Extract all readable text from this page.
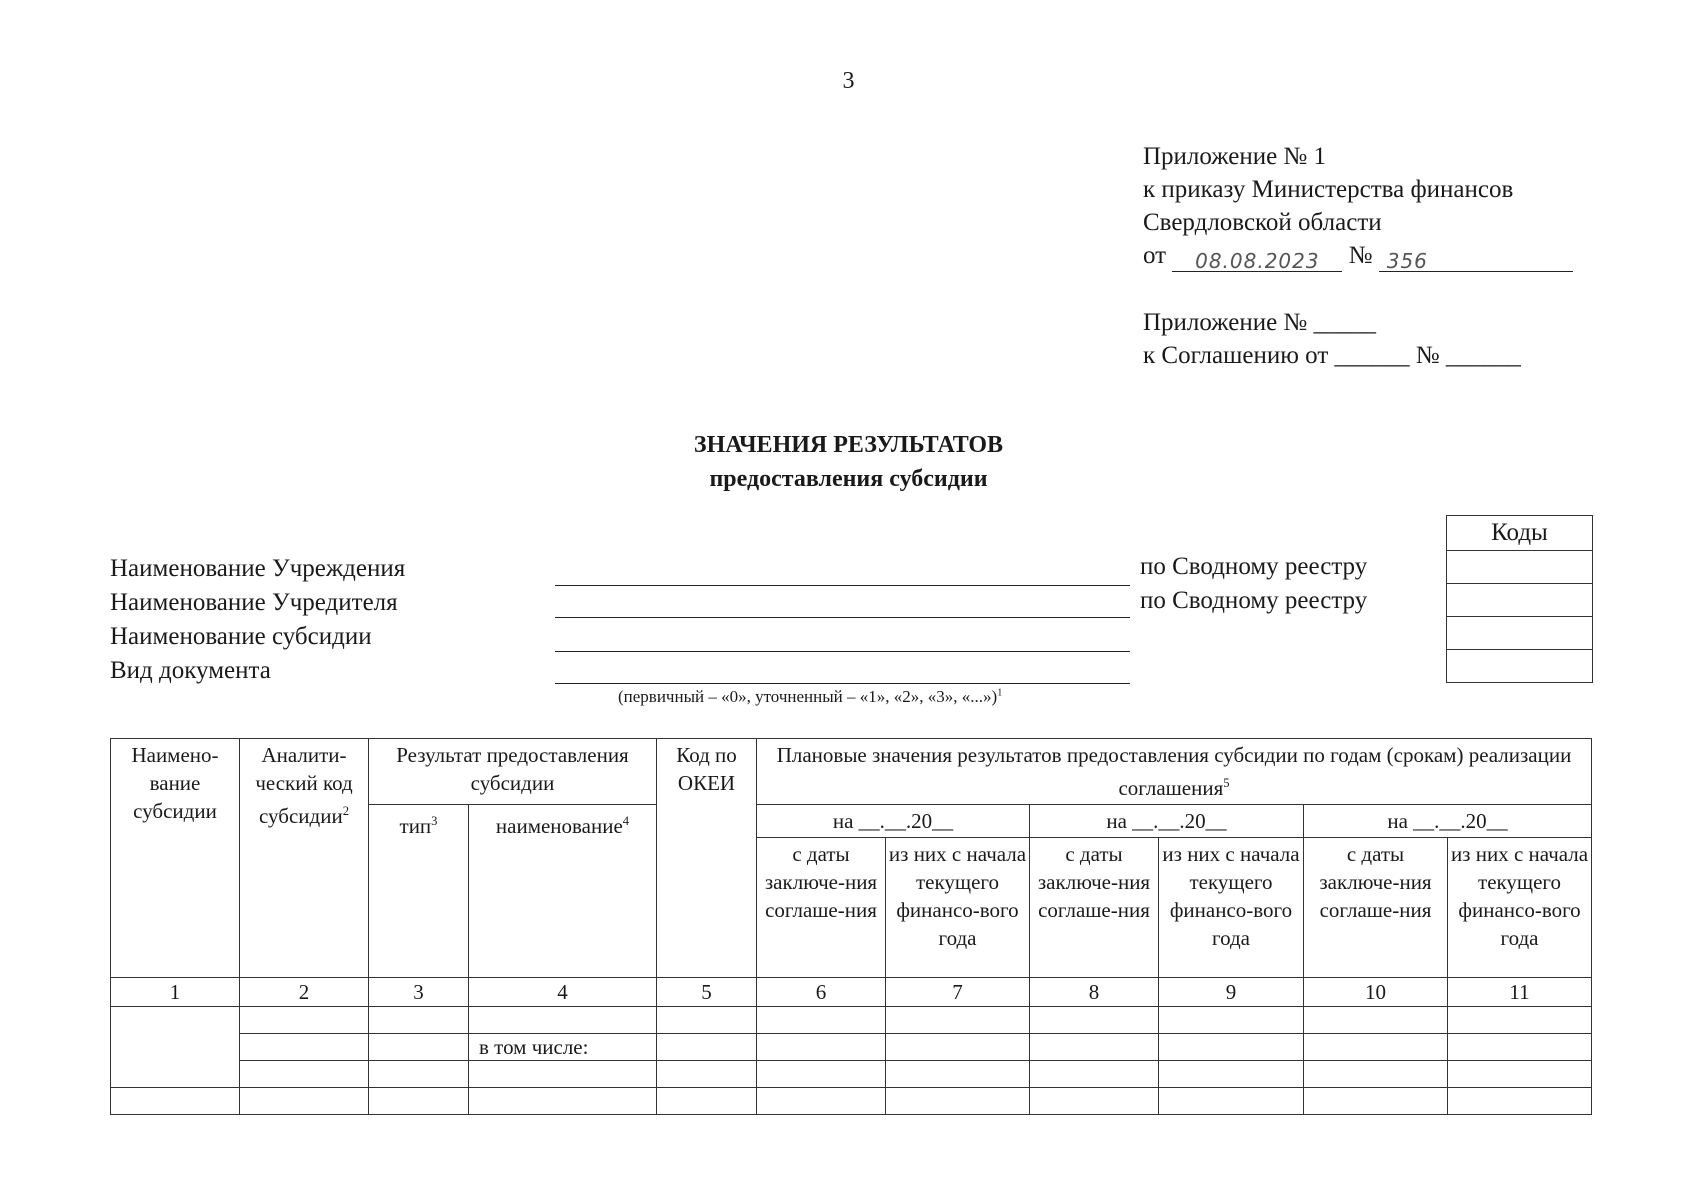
3
Приложение № 1
к приказу Министерства финансов
Свердловской области
от 08.08.2023 № 356
Приложение № _____
к Соглашению от ______ № ______
ЗНАЧЕНИЯ РЕЗУЛЬТАТОВ
предоставления субсидии
Коды
Наименование Учреждения	по Сводному реестру
Наименование Учредителя	по Сводному реестру
Наименование субсидии
Вид документа
(первичный – «0», уточненный – «1», «2», «3», «...»)$^1$
Наимено-вание субсидии	Аналити-ческий код субсидии$^2$	Результат предоставления субсидии		Код по ОКЕИ	Плановые значения результатов предоставления субсидии по годам (срокам) реализации соглашения$^5$
		тип$^3$	наименование$^4$		на __.__.20__		на __.__.20__		на __.__.20__	
					с даты заключе-ния соглаше-ния	из них с начала текущего финансо-вого года	с даты заключе-ния соглаше-ния	из них с начала текущего финансо-вого года	с даты заключе-ния соглаше-ния	из них с начала текущего финансо-вого года
1	2	3	4	5	6	7	8	9	10	11

			в том числе:							
